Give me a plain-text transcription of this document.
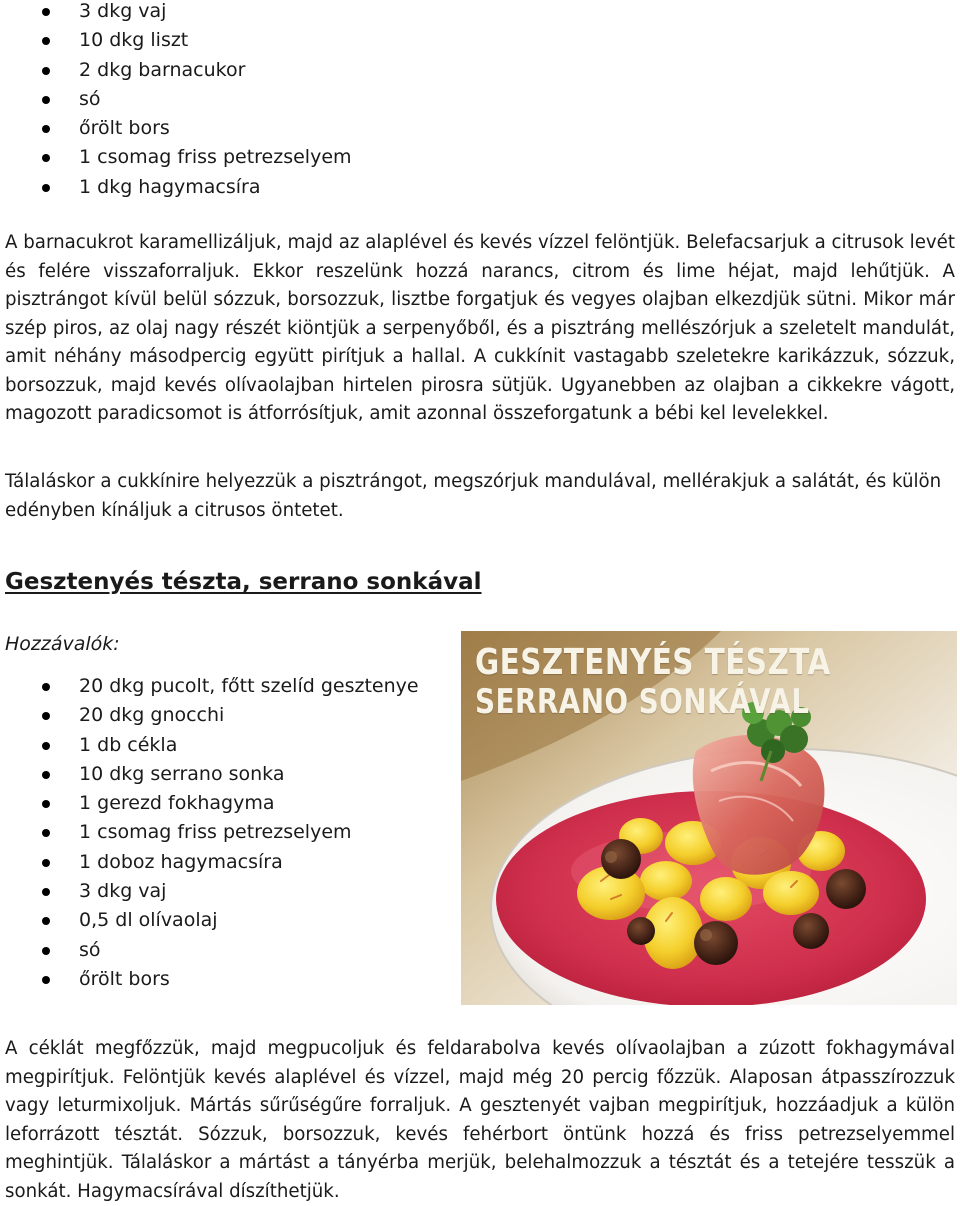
3 dkg vaj
10 dkg liszt
2 dkg barnacukor
só
őrölt bors
1 csomag friss petrezselyem
1 dkg hagymacsíra

A barnacukrot karamellizáljuk, majd az alaplével és kevés vízzel felöntjük. Belefacsarjuk a citrusok levét és felére visszaforraljuk. Ekkor reszelünk hozzá narancs, citrom és lime héjat, majd lehűtjük. A pisztrángot kívül belül sózzuk, borsozzuk, lisztbe forgatjuk és vegyes olajban elkezdjük sütni. Mikor már szép piros, az olaj nagy részét kiöntjük a serpenyőből, és a pisztráng mellészórjuk a szeletelt mandulát, amit néhány másodpercig együtt pirítjuk a hallal. A cukkínit vastagabb szeletekre karikázzuk, sózzuk, borsozzuk, majd kevés olívaolajban hirtelen pirosra sütjük. Ugyanebben az olajban a cikkekre vágott, magozott paradicsomot is átforrósítjuk, amit azonnal összeforgatunk a bébi kel levelekkel.

Tálaláskor a cukkínire helyezzük a pisztrángot, megszórjuk mandulával, mellérakjuk a salátát, és külön edényben kínáljuk a citrusos öntetet.

Gesztenyés tészta, serrano sonkával

Hozzávalók:

20 dkg pucolt, főtt szelíd gesztenye
20 dkg gnocchi
1 db cékla
10 dkg serrano sonka
1 gerezd fokhagyma
1 csomag friss petrezselyem
1 doboz hagymacsíra
3 dkg vaj
0,5 dl olívaolaj
só
őrölt bors
GESZTENYÉS TÉSZTA
SERRANO SONKÁVAL

A céklát megfőzzük, majd megpucoljuk és feldarabolva kevés olívaolajban a zúzott fokhagymával megpirítjuk. Felöntjük kevés alaplével és vízzel, majd még 20 percig főzzük. Alaposan átpasszírozzuk vagy leturmixoljuk. Mártás sűrűségűre forraljuk. A gesztenyét vajban megpirítjuk, hozzáadjuk a külön leforrázott tésztát. Sózzuk, borsozzuk, kevés fehérbort öntünk hozzá és friss petrezselyemmel meghintjük. Tálaláskor a mártást a tányérba merjük, belehalmozzuk a tésztát és a tetejére tesszük a sonkát. Hagymacsírával díszíthetjük.
